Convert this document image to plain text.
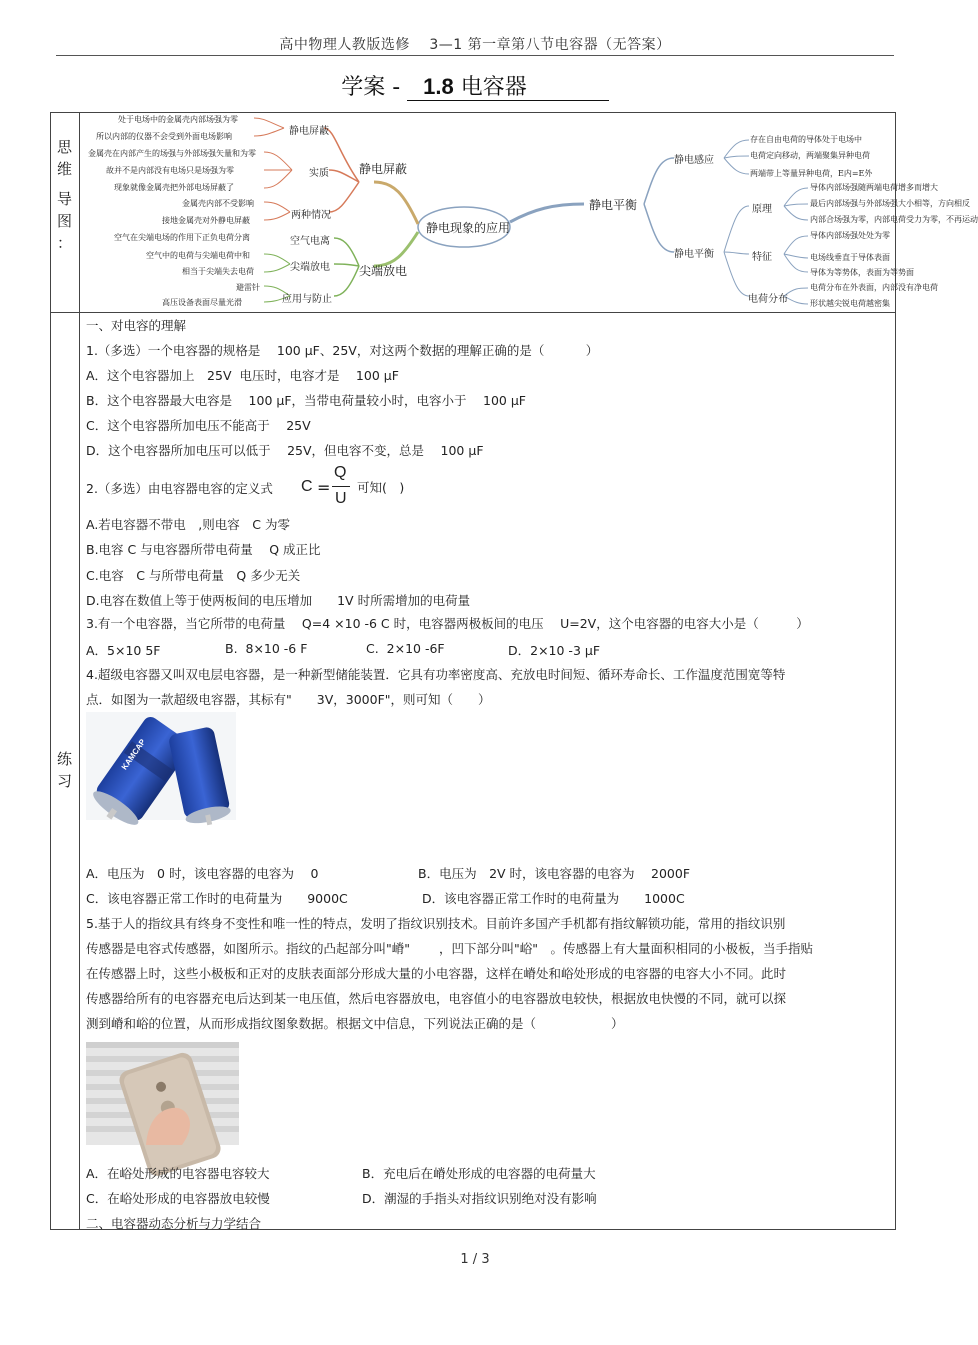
高中物理人教版选修　 3—1 第一章第八节电容器（无答案）
学案 - 1.8 电容器
思
维
导
图
：
练
习
静电现象的应用
静电屏蔽
静电屏蔽
实质
两种情况
处于电场中的金属壳内部场强为零
所以内部的仪器不会受到外面电场影响
金属壳在内部产生的场强与外部场强矢量和为零
故并不是内部没有电场只是场强为零
现象就像金属壳把外部电场屏蔽了
金属壳内部不受影响
接地金属壳对外静电屏蔽
尖端放电
空气电离
尖端放电
应用与防止
空气在尖端电场的作用下正负电荷分离
空气中的电荷与尖端电荷中和
相当于尖端失去电荷
避雷针
高压设备表面尽量光滑
静电平衡
静电感应
存在自由电荷的导体处于电场中
电荷定向移动，两端聚集异种电荷
两端带上等量异种电荷，E内=E外
静电平衡
原理
特征
电荷分布
导体内部场强随两端电荷增多而增大
最后内部场强与外部场强大小相等，方向相反
内部合场强为零，内部电荷受力为零，不再运动
导体内部场强处处为零
电场线垂直于导体表面
导体为等势体，表面为等势面
电荷分布在外表面，内部没有净电荷
形状越尖锐电荷越密集
一、对电容的理解
1.（多选）一个电容器的规格是　 100 μF、25V，对这两个数据的理解正确的是（　　　 ）
A．这个电容器加上　25V  电压时，电容才是　 100 μF
B．这个电容器最大电容是　 100 μF，当带电荷量较小时，电容小于　 100 μF
C．这个电容器所加电压不能高于　 25V
D．这个电容器所加电压可以低于　 25V，但电容不变，总是　 100 μF
2.（多选）由电容器电容的定义式 C =
Q
U
可知(　)
A.若电容器不带电　,则电容　C 为零
B.电容 C 与电容器所带电荷量　 Q 成正比
C.电容　C 与所带电荷量　Q 多少无关
D.电容在数值上等于使两板间的电压增加　　1V 时所需增加的电荷量
3.有一个电容器，当它所带的电荷量　 Q=4 ×10 -6 C 时，电容器两极板间的电压　 U=2V，这个电容器的电容大小是（　　　）
A．5×10 5F	B.  8×10 -6 F	C.  2×10 -6F	D．2×10 -3 μF
4.超级电容器又叫双电层电容器，是一种新型储能装置．它具有功率密度高、充放电时间短、循环寿命长、工作温度范围宽等特
点．如图为一款超级电容器，其标有"　　3V，3000F"，则可知（　　）
KAMCAP
A．电压为　0 时，该电容器的电容为　 0	B．电压为　2V 时，该电容器的电容为　 2000F
C．该电容器正常工作时的电荷量为　　9000C	D．该电容器正常工作时的电荷量为　　1000C
5.基于人的指纹具有终身不变性和唯一性的特点，发明了指纹识别技术。目前许多国产手机都有指纹解锁功能，常用的指纹识别
传感器是电容式传感器，如图所示。指纹的凸起部分叫"嵴"　　 ，凹下部分叫"峪"　。传感器上有大量面积相同的小极板，当手指贴
在传感器上时，这些小极板和正对的皮肤表面部分形成大量的小电容器，这样在嵴处和峪处形成的电容器的电容大小不同。此时
传感器给所有的电容器充电后达到某一电压值，然后电容器放电，电容值小的电容器放电较快，根据放电快慢的不同，就可以探
测到嵴和峪的位置，从而形成指纹图象数据。根据文中信息，下列说法正确的是（　　　　　　）
A．在峪处形成的电容器电容较大	B．充电后在嵴处形成的电容器的电荷量大
C．在峪处形成的电容器放电较慢	D．潮湿的手指头对指纹识别绝对没有影响
二、电容器动态分析与力学结合
1 / 3
